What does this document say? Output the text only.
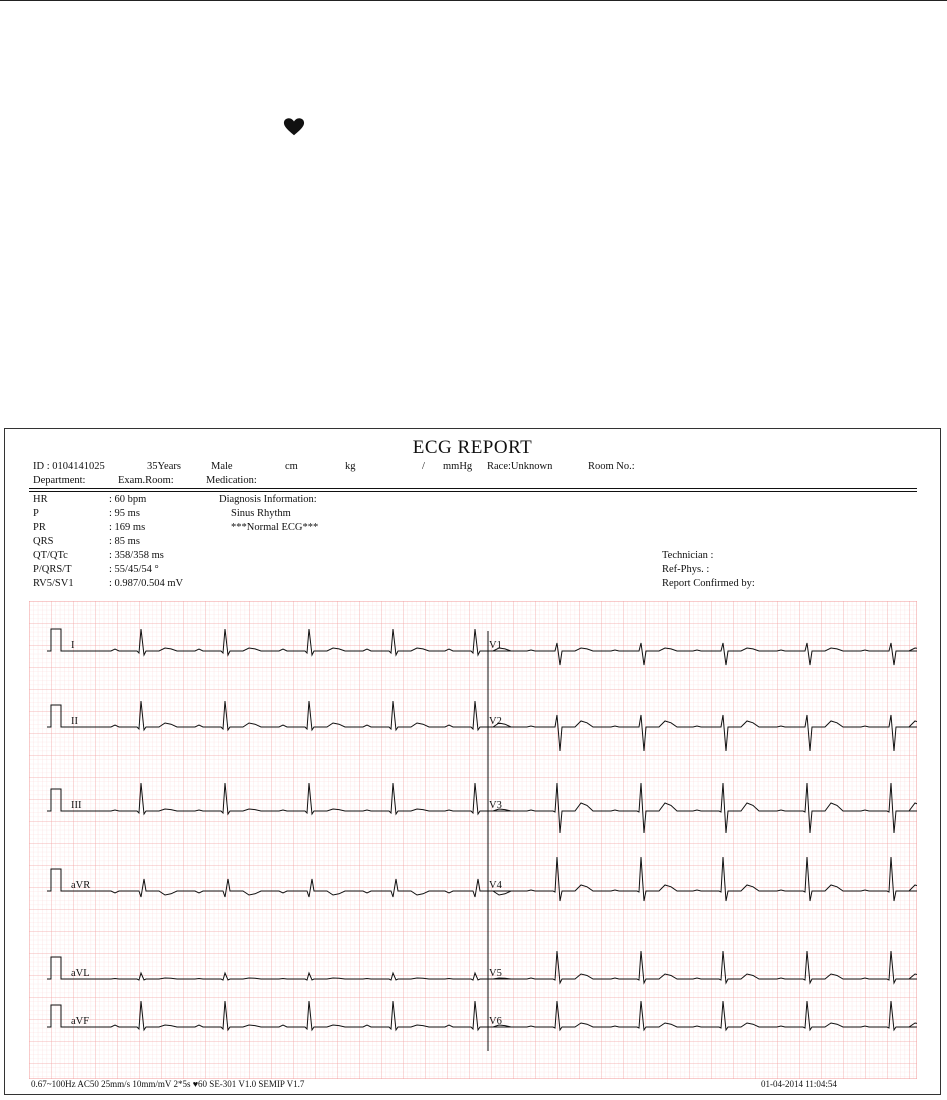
ECG REPORT
ID : 0104141025	35Years	Male	cm	kg	/ mmHg Race:Unknown	Room No.:
Department:	Exam.Room:	Medication:
HR	: 60 bpm
P	: 95 ms
PR	: 169 ms
QRS	: 85 ms
QT/QTc	: 358/358 ms
P/QRS/T	: 55/45/54 °
RV5/SV1	: 0.987/0.504 mV
Diagnosis Information:
Sinus Rhythm
***Normal ECG***
Technician :
Ref-Phys. :
Report Confirmed by:
I	V1
II	V2
III	V3
aVR	V4
aVL	V5
aVF	V6
0.67~100Hz AC50 25mm/s 10mm/mV 2*5s ♥60 SE-301 V1.0 SEMIP V1.7	01-04-2014 11:04:54
